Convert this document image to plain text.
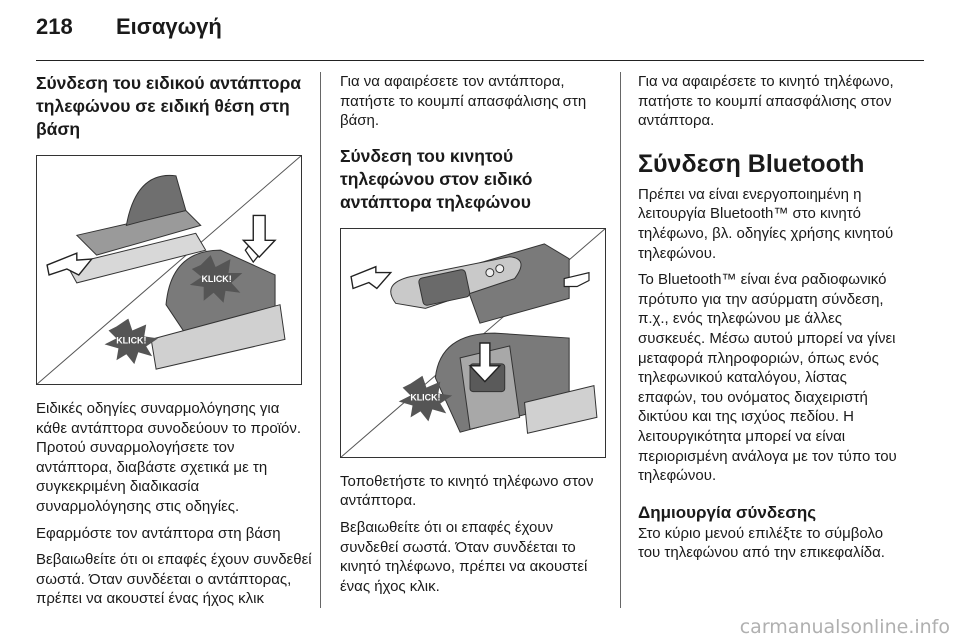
218 Εισαγωγή
Σύνδεση του ειδικού αντάπτορα τηλεφώνου σε ειδική θέση στη βάση
KLICK!
KLICK!

Ειδικές οδηγίες συναρμολόγησης για κάθε αντάπτορα συνοδεύουν το προϊόν. Προτού συναρμολογήσετε τον αντάπτορα, διαβάστε σχετικά με τη συγκεκριμένη διαδικασία συναρμολόγησης στις οδηγίες.

Εφαρμόστε τον αντάπτορα στη βάση

Βεβαιωθείτε ότι οι επαφές έχουν συνδεθεί σωστά. Όταν συνδέεται ο αντάπτορας, πρέπει να ακουστεί ένας ήχος κλικ

Για να αφαιρέσετε τον αντάπτορα, πατήστε το κουμπί απασφάλισης στη βάση.

Σύνδεση του κινητού τηλεφώνου στον ειδικό αντάπτορα τηλεφώνου
KLICK!

Τοποθετήστε το κινητό τηλέφωνο στον αντάπτορα.

Βεβαιωθείτε ότι οι επαφές έχουν συνδεθεί σωστά. Όταν συνδέεται το κινητό τηλέφωνο, πρέπει να ακουστεί ένας ήχος κλικ.

Για να αφαιρέσετε το κινητό τηλέφωνο, πατήστε το κουμπί απασφάλισης στον αντάπτορα.

Σύνδεση Bluetooth

Πρέπει να είναι ενεργοποιημένη η λειτουργία Bluetooth™ στο κινητό τηλέφωνο, βλ. οδηγίες χρήσης κινητού τηλεφώνου.

Το Bluetooth™ είναι ένα ραδιοφωνικό πρότυπο για την ασύρματη σύνδεση, π.χ., ενός τηλεφώνου με άλλες συσκευές. Μέσω αυτού μπορεί να γίνει μεταφορά πληροφοριών, όπως ενός τηλεφωνικού καταλόγου, λίστας επαφών, του ονόματος διαχειριστή δικτύου και της ισχύος πεδίου. Η λειτουργικότητα μπορεί να είναι περιορισμένη ανάλογα με τον τύπο του τηλεφώνου.

Δημιουργία σύνδεσης

Στο κύριο μενού επιλέξτε το σύμβολο του τηλεφώνου από την επικεφαλίδα.

carmanualsonline.info
